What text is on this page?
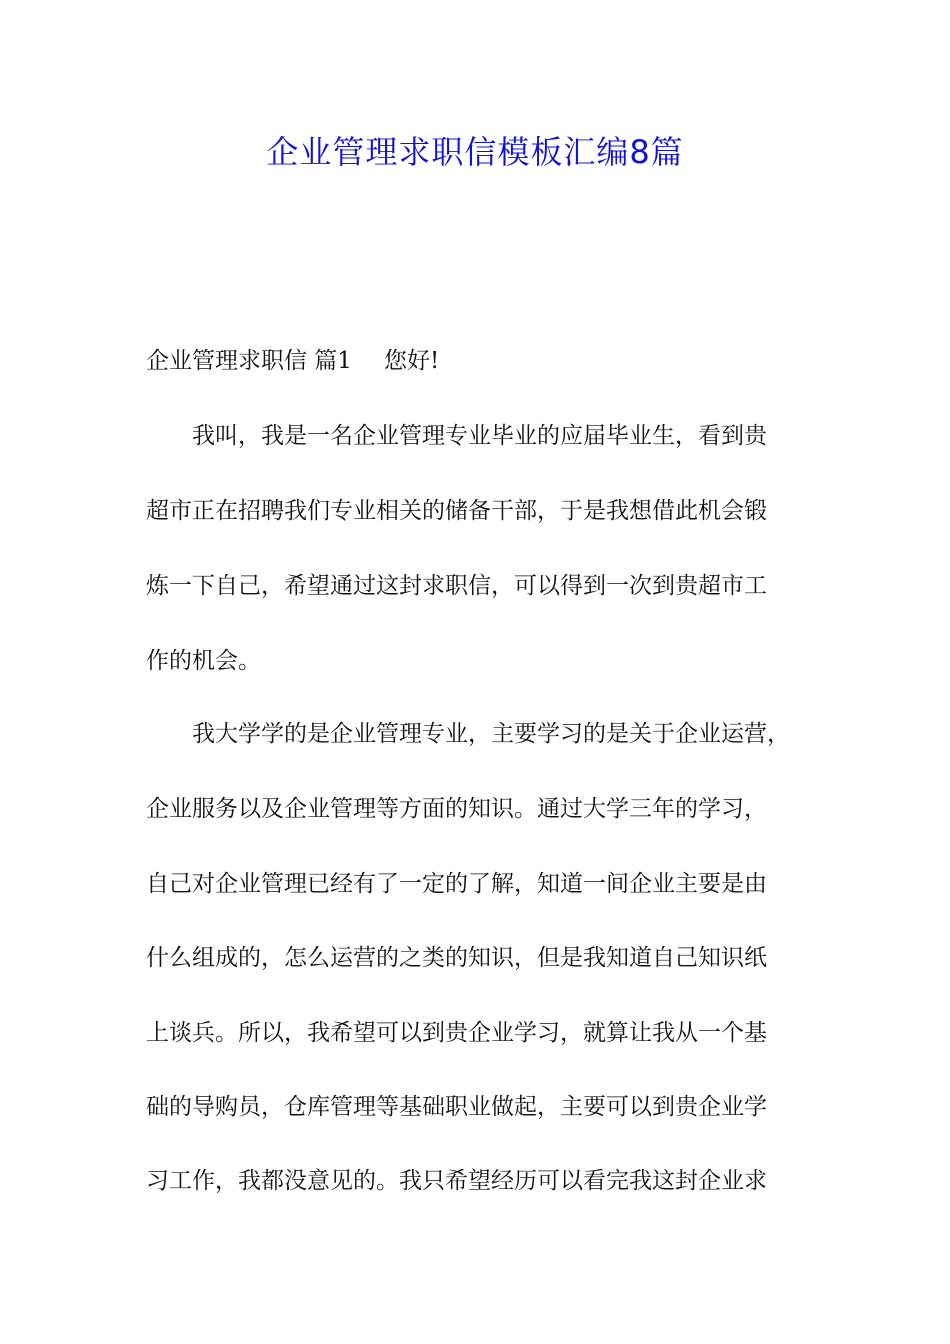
企业管理求职信模板汇编8篇
企业管理求职信 篇1 您好!
我叫，我是一名企业管理专业毕业的应届毕业生，看到贵
超市正在招聘我们专业相关的储备干部，于是我想借此机会锻
炼一下自己，希望通过这封求职信，可以得到一次到贵超市工
作的机会。
我大学学的是企业管理专业，主要学习的是关于企业运营，
企业服务以及企业管理等方面的知识。通过大学三年的学习，
自己对企业管理已经有了一定的了解，知道一间企业主要是由
什么组成的，怎么运营的之类的知识，但是我知道自己知识纸
上谈兵。所以，我希望可以到贵企业学习，就算让我从一个基
础的导购员，仓库管理等基础职业做起，主要可以到贵企业学
习工作，我都没意见的。我只希望经历可以看完我这封企业求
